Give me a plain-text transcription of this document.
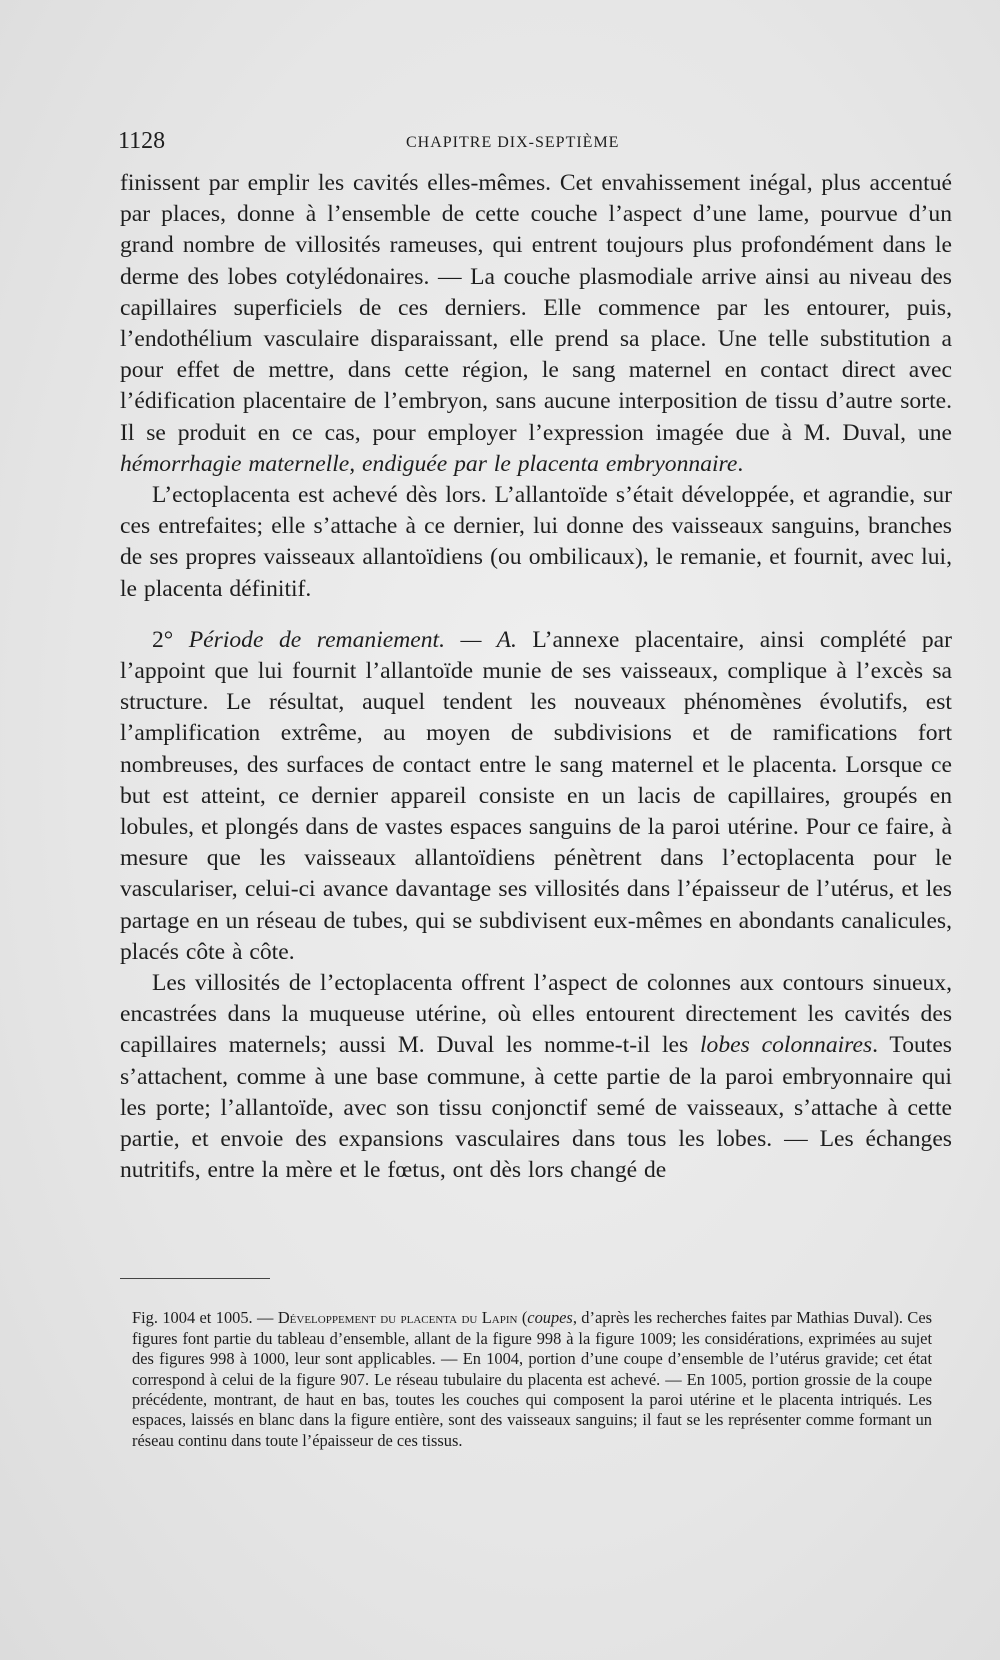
1128	CHAPITRE DIX-SEPTIÈME

finissent par emplir les cavités elles-mêmes. Cet envahissement inégal, plus accentué par places, donne à l’ensemble de cette couche l’aspect d’une lame, pourvue d’un grand nombre de villosités rameuses, qui entrent toujours plus profondément dans le derme des lobes cotylédonaires. — La couche plasmodiale arrive ainsi au niveau des capillaires superficiels de ces derniers. Elle commence par les entourer, puis, l’endothélium vasculaire disparaissant, elle prend sa place. Une telle substitution a pour effet de mettre, dans cette région, le sang maternel en contact direct avec l’édification placentaire de l’embryon, sans aucune interposition de tissu d’autre sorte. Il se produit en ce cas, pour employer l’expression imagée due à M. Duval, une hémorrhagie maternelle, endiguée par le placenta embryonnaire.

L’ectoplacenta est achevé dès lors. L’allantoïde s’était développée, et agrandie, sur ces entrefaites; elle s’attache à ce dernier, lui donne des vaisseaux sanguins, branches de ses propres vaisseaux allantoïdiens (ou ombilicaux), le remanie, et fournit, avec lui, le placenta définitif.

2° Période de remaniement. — A. L’annexe placentaire, ainsi complété par l’appoint que lui fournit l’allantoïde munie de ses vaisseaux, complique à l’excès sa structure. Le résultat, auquel tendent les nouveaux phénomènes évolutifs, est l’amplification extrême, au moyen de subdivisions et de ramifications fort nombreuses, des surfaces de contact entre le sang maternel et le placenta. Lorsque ce but est atteint, ce dernier appareil consiste en un lacis de capillaires, groupés en lobules, et plongés dans de vastes espaces sanguins de la paroi utérine. Pour ce faire, à mesure que les vaisseaux allantoïdiens pénètrent dans l’ectoplacenta pour le vasculariser, celui-ci avance davantage ses villosités dans l’épaisseur de l’utérus, et les partage en un réseau de tubes, qui se subdivisent eux-mêmes en abondants canalicules, placés côte à côte.

Les villosités de l’ectoplacenta offrent l’aspect de colonnes aux contours sinueux, encastrées dans la muqueuse utérine, où elles entourent directement les cavités des capillaires maternels; aussi M. Duval les nomme-t-il les lobes colonnaires. Toutes s’attachent, comme à une base commune, à cette partie de la paroi embryonnaire qui les porte; l’allantoïde, avec son tissu conjonctif semé de vaisseaux, s’attache à cette partie, et envoie des expansions vasculaires dans tous les lobes. — Les échanges nutritifs, entre la mère et le fœtus, ont dès lors changé de

Fig. 1004 et 1005. — Développement du placenta du Lapin (coupes, d’après les recherches faites par Mathias Duval). Ces figures font partie du tableau d’ensemble, allant de la figure 998 à la figure 1009; les considérations, exprimées au sujet des figures 998 à 1000, leur sont applicables. — En 1004, portion d’une coupe d’ensemble de l’utérus gravide; cet état correspond à celui de la figure 907. Le réseau tubulaire du placenta est achevé. — En 1005, portion grossie de la coupe précédente, montrant, de haut en bas, toutes les couches qui composent la paroi utérine et le placenta intriqués. Les espaces, laissés en blanc dans la figure entière, sont des vaisseaux sanguins; il faut se les représenter comme formant un réseau continu dans toute l’épaisseur de ces tissus.
